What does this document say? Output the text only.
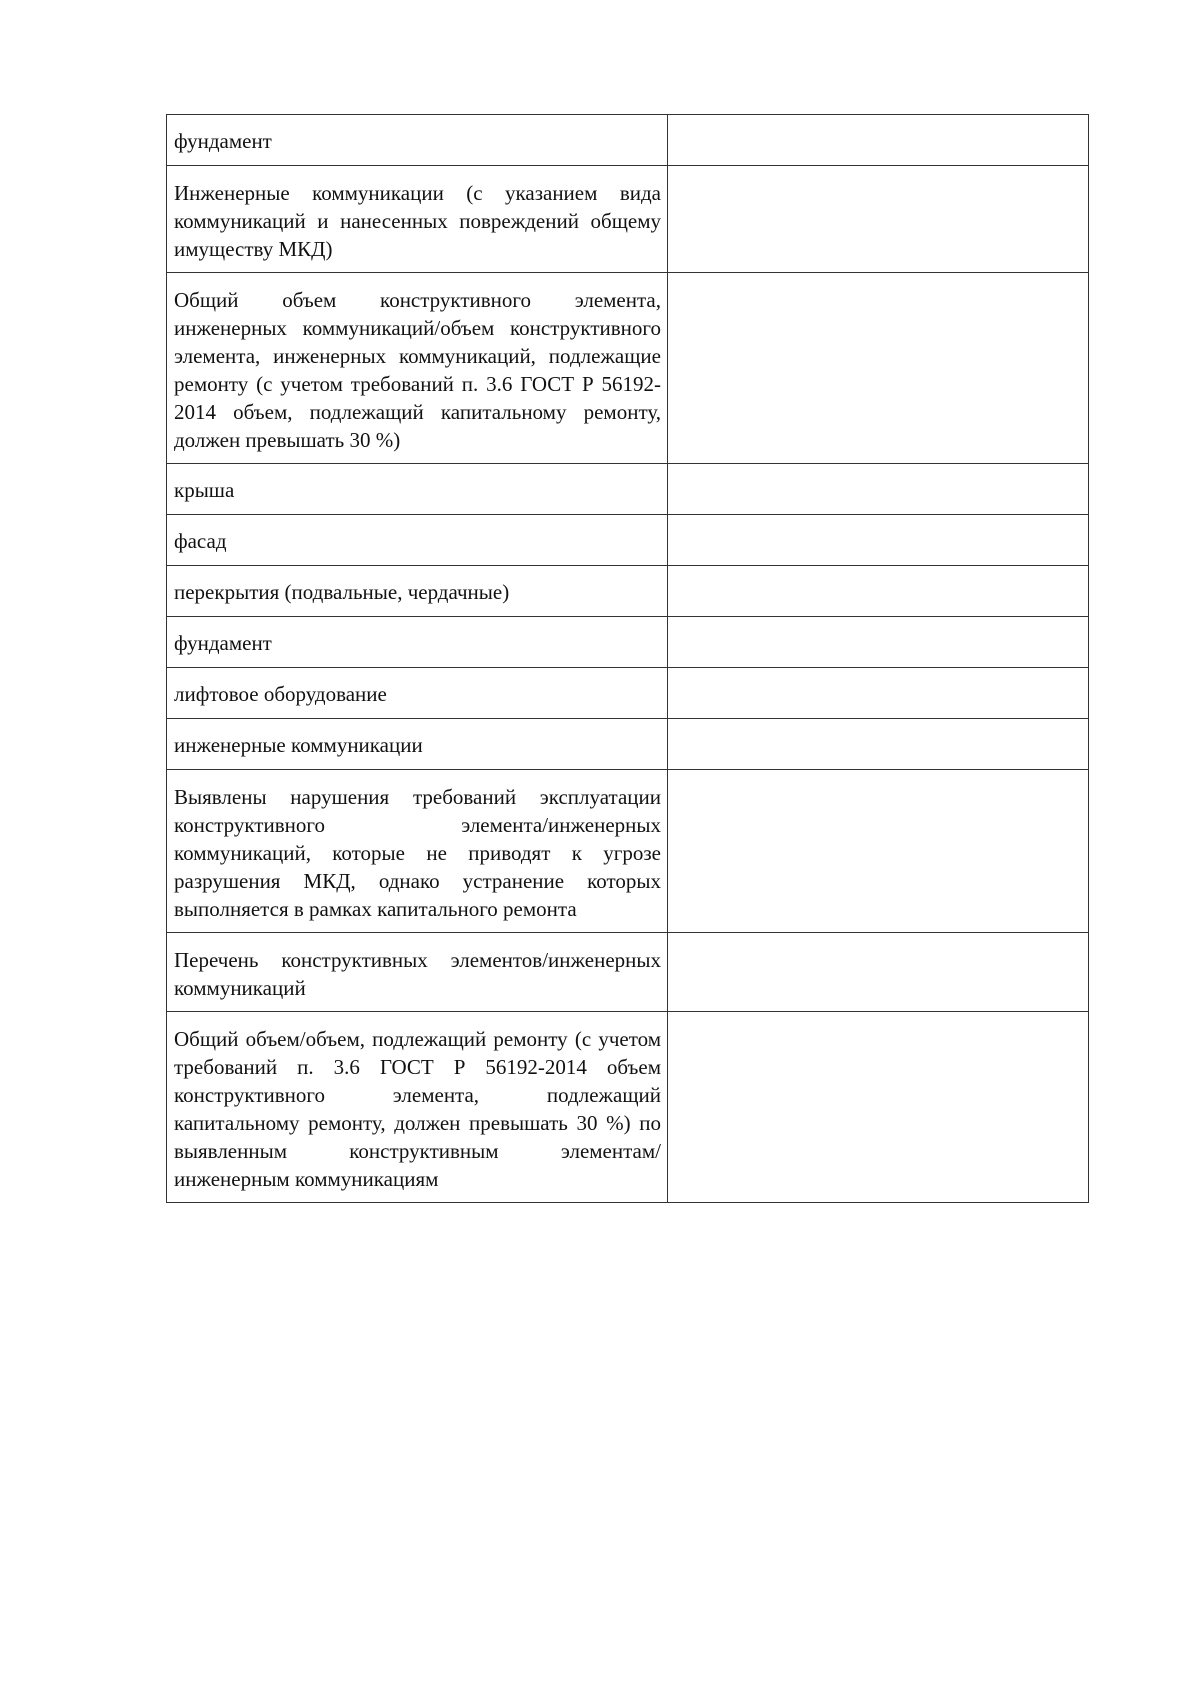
фундамент	

Инженерные коммуникации (с указанием вида коммуникаций и нанесенных повреждений общему имуществу МКД)	

Общий объем конструктивного элемента, инженерных коммуникаций/объем конструктивного элемента, инженерных коммуникаций, подлежащие ремонту (с учетом требований п. 3.6 ГОСТ Р 56192-2014 объем, подлежащий капитальному ремонту, должен превышать 30 %)	

крыша	

фасад	

перекрытия (подвальные, чердачные)	

фундамент	

лифтовое оборудование	

инженерные коммуникации	

Выявлены нарушения требований эксплуатации конструктивного элемента/инженерных коммуникаций, которые не приводят к угрозе разрушения МКД, однако устранение которых выполняется в рамках капитального ремонта	

Перечень конструктивных элементов/инженерных коммуникаций	

Общий объем/объем, подлежащий ремонту (с учетом требований п. 3.6 ГОСТ Р 56192-2014 объем конструктивного элемента, подлежащий капитальному ремонту, должен превышать 30 %) по выявленным конструктивным элементам/инженерным коммуникациям	
